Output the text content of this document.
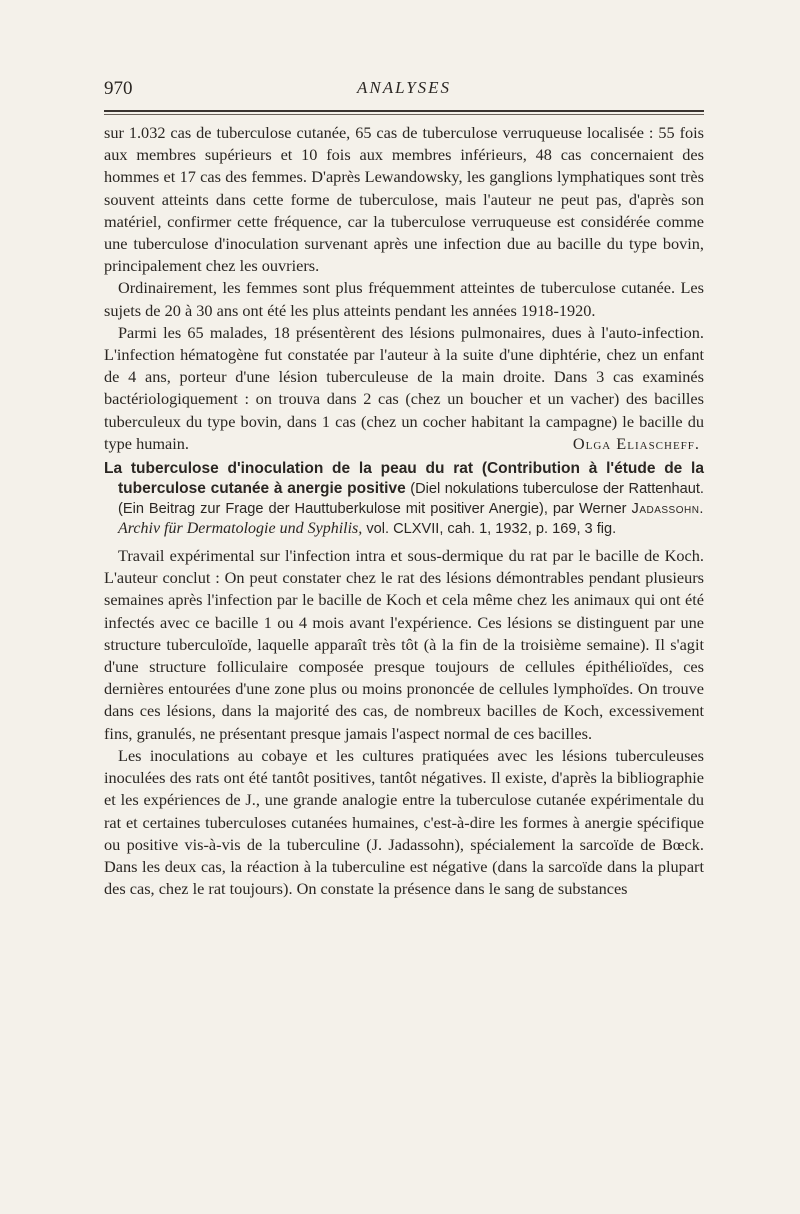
970	ANALYSES

sur 1.032 cas de tuberculose cutanée, 65 cas de tuberculose verruqueuse localisée : 55 fois aux membres supérieurs et 10 fois aux membres inférieurs, 48 cas concernaient des hommes et 17 cas des femmes. D'après Lewandowsky, les ganglions lymphatiques sont très souvent atteints dans cette forme de tuberculose, mais l'auteur ne peut pas, d'après son matériel, confirmer cette fréquence, car la tuberculose verruqueuse est considérée comme une tuberculose d'inoculation survenant après une infection due au bacille du type bovin, principalement chez les ouvriers.

Ordinairement, les femmes sont plus fréquemment atteintes de tuberculose cutanée. Les sujets de 20 à 30 ans ont été les plus atteints pendant les années 1918-1920.

Parmi les 65 malades, 18 présentèrent des lésions pulmonaires, dues à l'auto-infection. L'infection hématogène fut constatée par l'auteur à la suite d'une diphtérie, chez un enfant de 4 ans, porteur d'une lésion tuberculeuse de la main droite. Dans 3 cas examinés bactériologiquement : on trouva dans 2 cas (chez un boucher et un vacher) des bacilles tuberculeux du type bovin, dans 1 cas (chez un cocher habitant la campagne) le bacille du type humain.	Olga Eliascheff.

La tuberculose d'inoculation de la peau du rat (Contribution à l'étude de la tuberculose cutanée à anergie positive (Diel nokulations tuberculose der Rattenhaut. (Ein Beitrag zur Frage der Hauttuberkulose mit positiver Anergie), par Werner Jadassohn. Archiv für Dermatologie und Syphilis, vol. CLXVII, cah. 1, 1932, p. 169, 3 fig.

Travail expérimental sur l'infection intra et sous-dermique du rat par le bacille de Koch. L'auteur conclut : On peut constater chez le rat des lésions démontrables pendant plusieurs semaines après l'infection par le bacille de Koch et cela même chez les animaux qui ont été infectés avec ce bacille 1 ou 4 mois avant l'expérience. Ces lésions se distinguent par une structure tuberculoïde, laquelle apparaît très tôt (à la fin de la troisième semaine). Il s'agit d'une structure folliculaire composée presque toujours de cellules épithélioïdes, ces dernières entourées d'une zone plus ou moins prononcée de cellules lymphoïdes. On trouve dans ces lésions, dans la majorité des cas, de nombreux bacilles de Koch, excessivement fins, granulés, ne présentant presque jamais l'aspect normal de ces bacilles.

Les inoculations au cobaye et les cultures pratiquées avec les lésions tuberculeuses inoculées des rats ont été tantôt positives, tantôt négatives. Il existe, d'après la bibliographie et les expériences de J., une grande analogie entre la tuberculose cutanée expérimentale du rat et certaines tuberculoses cutanées humaines, c'est-à-dire les formes à anergie spécifique ou positive vis-à-vis de la tuberculine (J. Jadassohn), spécialement la sarcoïde de Bœck. Dans les deux cas, la réaction à la tuberculine est négative (dans la sarcoïde dans la plupart des cas, chez le rat toujours). On constate la présence dans le sang de substances
